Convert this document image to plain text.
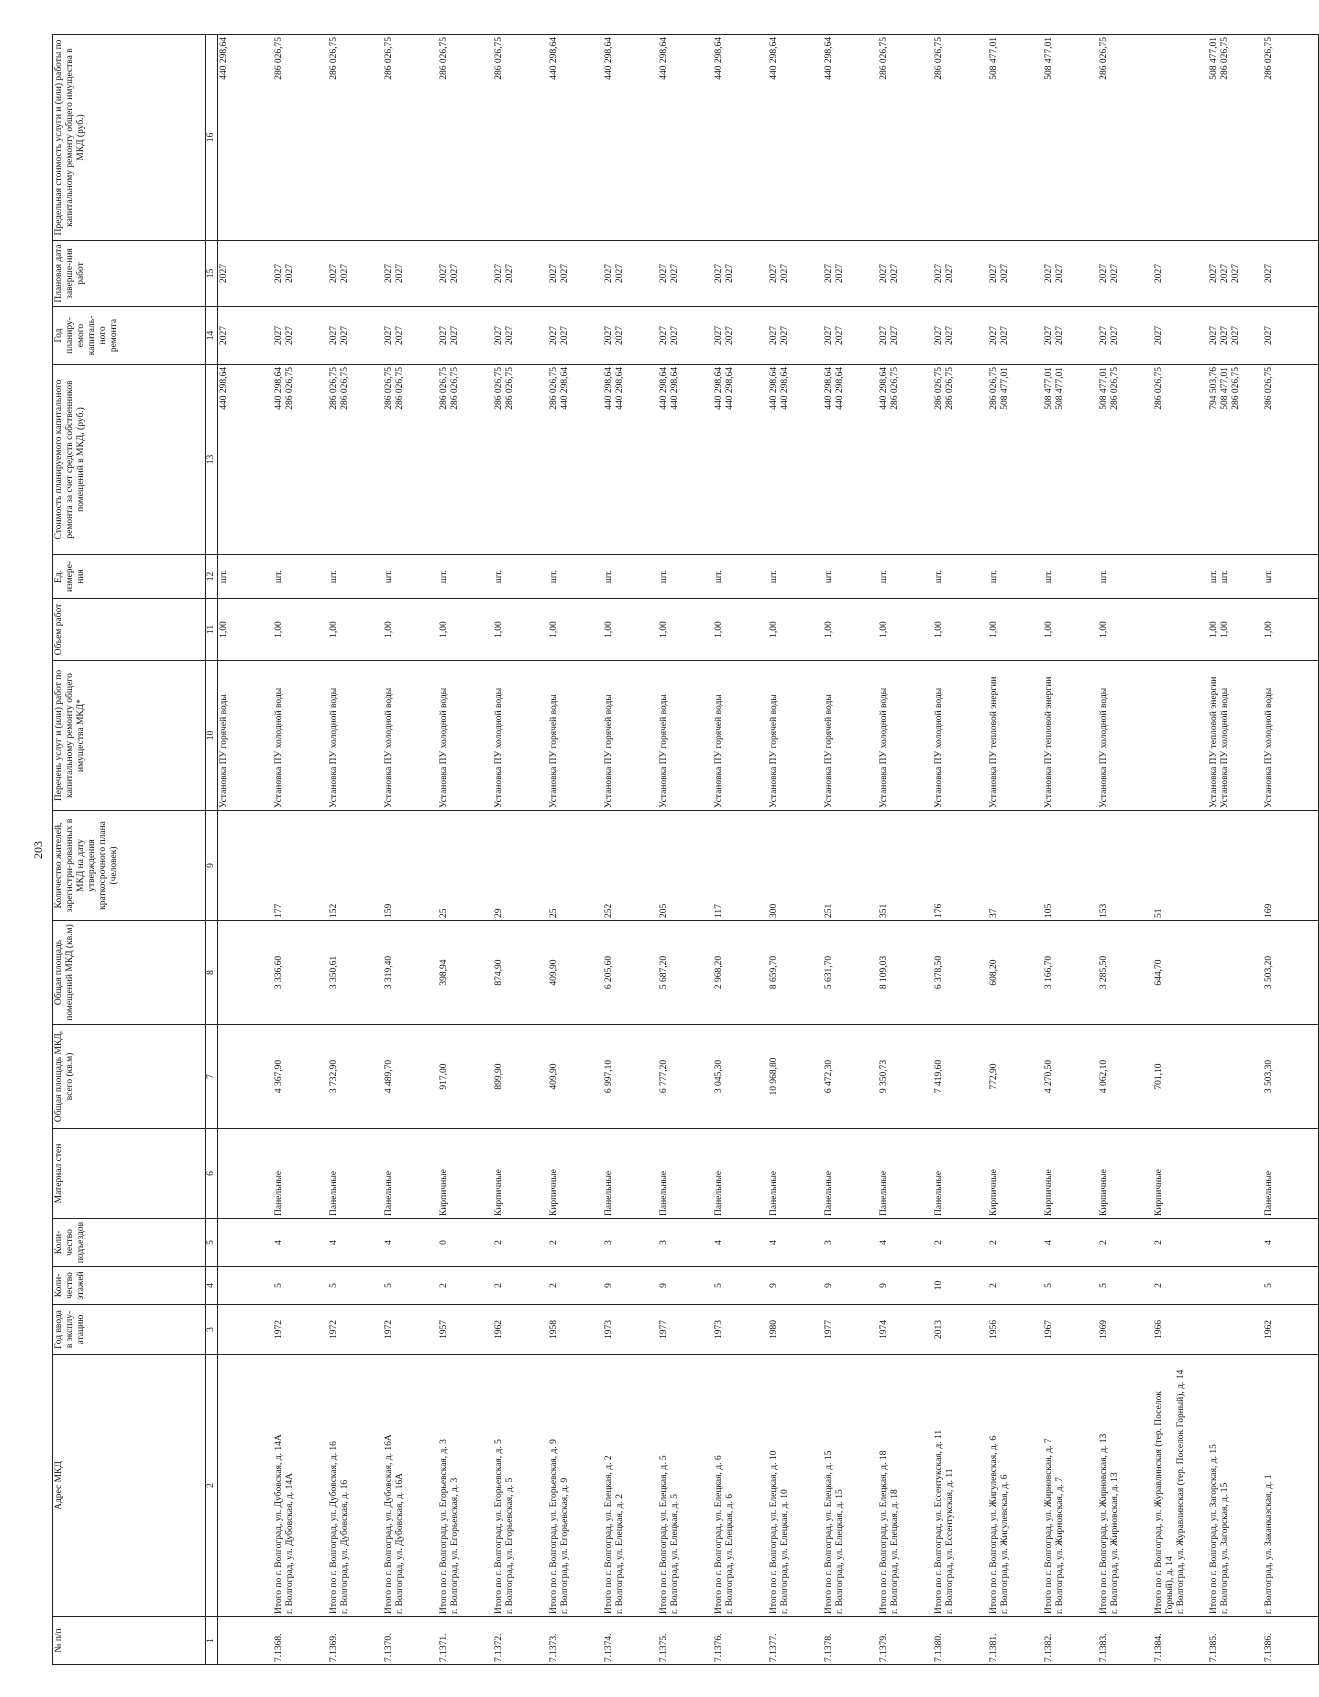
203
№ п/п	Адрес МКД	Год ввода в эксплу-атацию	Коли-чество этажей	Коли-чество подъездов	Материал стен	Общая площадь МКД, всего (кв.м)	Общая площадь помещений МКД (кв.м)	Количество жителей, зарегистри-рованных в МКД на дату утверждения краткосрочного плана (человек)	Перечень услуг и (или) работ по капитальному ремонту общего имущества МКД*	Объем работ	Ед. измере-ния	Стоимость планируемого капитального ремонта за счет средств собственников помещений в МКД, (руб.)	Год планиру-емого капиталь-ного ремонта	Плановая дата заверше-ния работ	Предельная стоимость услуги и (или) работы по капитальному ремонту общего имущества в МКД (руб.)
1	2	3	4	5	6	7	8	9	10	11	12	13	14	15	16

									Установка ПУ горячей воды	1,00	шт.	440 298,64	2027	2027	440 298,64

7.1368.	Итого по г. Волгоград, ул. Дубовская, д. 14А г. Волгоград, ул. Дубовская, д. 14А	1972	5	4	Панельные	4 367,90	3 336,60	177	Установка ПУ холодной воды	1,00	шт.	440 298,64 286 026,75	2027 2027	2027 2027	286 026,75

7.1369.	Итого по г. Волгоград, ул. Дубовская, д. 16 г. Волгоград, ул. Дубовская, д. 16	1972	5	4	Панельные	3 732,90	3 350,61	152	Установка ПУ холодной воды	1,00	шт.	286 026,75 286 026,75	2027 2027	2027 2027	286 026,75

7.1370.	Итого по г. Волгоград, ул. Дубовская, д. 16А г. Волгоград, ул. Дубовская, д. 16А	1972	5	4	Панельные	4 489,70	3 319,40	159	Установка ПУ холодной воды	1,00	шт.	286 026,75 286 026,75	2027 2027	2027 2027	286 026,75

7.1371.	Итого по г. Волгоград, ул. Егорьевская, д. 3 г. Волгоград, ул. Егорьевская, д. 3	1957	2	0	Кирпичные	917,00	398,94	25	Установка ПУ холодной воды	1,00	шт.	286 026,75 286 026,75	2027 2027	2027 2027	286 026,75

7.1372.	Итого по г. Волгоград, ул. Егорьевская, д. 5 г. Волгоград, ул. Егорьевская, д. 5	1962	2	2	Кирпичные	899,90	874,90	29	Установка ПУ холодной воды	1,00	шт.	286 026,75 286 026,75	2027 2027	2027 2027	286 026,75

7.1373.	Итого по г. Волгоград, ул. Егорьевская, д. 9 г. Волгоград, ул. Егорьевская, д. 9	1958	2	2	Кирпичные	409,90	409,90	25	Установка ПУ горячей воды	1,00	шт.	286 026,75 440 298,64	2027 2027	2027 2027	440 298,64

7.1374.	Итого по г. Волгоград, ул. Елецкая, д. 2 г. Волгоград, ул. Елецкая, д. 2	1973	9	3	Панельные	6 997,10	6 205,60	252	Установка ПУ горячей воды	1,00	шт.	440 298,64 440 298,64	2027 2027	2027 2027	440 298,64

7.1375.	Итого по г. Волгоград, ул. Елецкая, д. 5 г. Волгоград, ул. Елецкая, д. 5	1977	9	3	Панельные	6 777,20	5 687,20	205	Установка ПУ горячей воды	1,00	шт.	440 298,64 440 298,64	2027 2027	2027 2027	440 298,64

7.1376.	Итого по г. Волгоград, ул. Елецкая, д. 6 г. Волгоград, ул. Елецкая, д. 6	1973	5	4	Панельные	3 045,30	2 968,20	117	Установка ПУ горячей воды	1,00	шт.	440 298,64 440 298,64	2027 2027	2027 2027	440 298,64

7.1377.	Итого по г. Волгоград, ул. Елецкая, д. 10 г. Волгоград, ул. Елецкая, д. 10	1980	9	4	Панельные	10 968,80	8 659,70	300	Установка ПУ горячей воды	1,00	шт.	440 298,64 440 298,64	2027 2027	2027 2027	440 298,64

7.1378.	Итого по г. Волгоград, ул. Елецкая, д. 15 г. Волгоград, ул. Елецкая, д. 15	1977	9	3	Панельные	6 472,30	5 631,70	251	Установка ПУ горячей воды	1,00	шт.	440 298,64 440 298,64	2027 2027	2027 2027	440 298,64

7.1379.	Итого по г. Волгоград, ул. Елецкая, д. 18 г. Волгоград, ул. Елецкая, д. 18	1974	9	4	Панельные	9 350,73	8 109,03	351	Установка ПУ холодной воды	1,00	шт.	440 298,64 286 026,75	2027 2027	2027 2027	286 026,75

7.1380.	Итого по г. Волгоград, ул. Ессентукская, д. 11 г. Волгоград, ул. Ессентукская, д. 11	2013	10	2	Панельные	7 419,60	6 378,50	176	Установка ПУ холодной воды	1,00	шт.	286 026,75 286 026,75	2027 2027	2027 2027	286 026,75

7.1381.	Итого по г. Волгоград, ул. Жигулевская, д. 6 г. Волгоград, ул. Жигулевская, д. 6	1956	2	2	Кирпичные	772,90	608,20	37	Установка ПУ тепловой энергии	1,00	шт.	286 026,75 508 477,01	2027 2027	2027 2027	508 477,01

7.1382.	Итого по г. Волгоград, ул. Жирновская, д. 7 г. Волгоград, ул. Жирновская, д. 7	1967	5	4	Кирпичные	4 270,50	3 166,70	105	Установка ПУ тепловой энергии	1,00	шт.	508 477,01 508 477,01	2027 2027	2027 2027	508 477,01

7.1383.	Итого по г. Волгоград, ул. Жирновская, д. 13 г. Волгоград, ул. Жирновская, д. 13	1969	5	2	Кирпичные	4 062,10	3 285,50	153	Установка ПУ холодной воды	1,00	шт.	508 477,01 286 026,75	2027 2027	2027 2027	286 026,75

7.1384.	Итого по г. Волгоград, ул. Журавлинская (тер. Поселок Горный), д. 14 г. Волгоград, ул. Журавлинская (тер. Поселок Горный), д. 14	1966	2	2	Кирпичные	701,10	644,70	51				286 026,75	2027	2027	

7.1385.	Итого по г. Волгоград, ул. Загорская, д. 15 г. Волгоград, ул. Загорская, д. 15								Установка ПУ тепловой энергии Установка ПУ холодной воды	1,00 1,00	шт. шт.	794 503,76 508 477,01 286 026,75	2027 2027 2027	2027 2027 2027	508 477,01 286 026,75

7.1386.	г. Волгоград, ул. Заканказская, д. 1	1962	5	4	Панельные	3 503,30	3 503,20	169	Установка ПУ холодной воды	1,00	шт.	286 026,75	2027	2027	286 026,75
